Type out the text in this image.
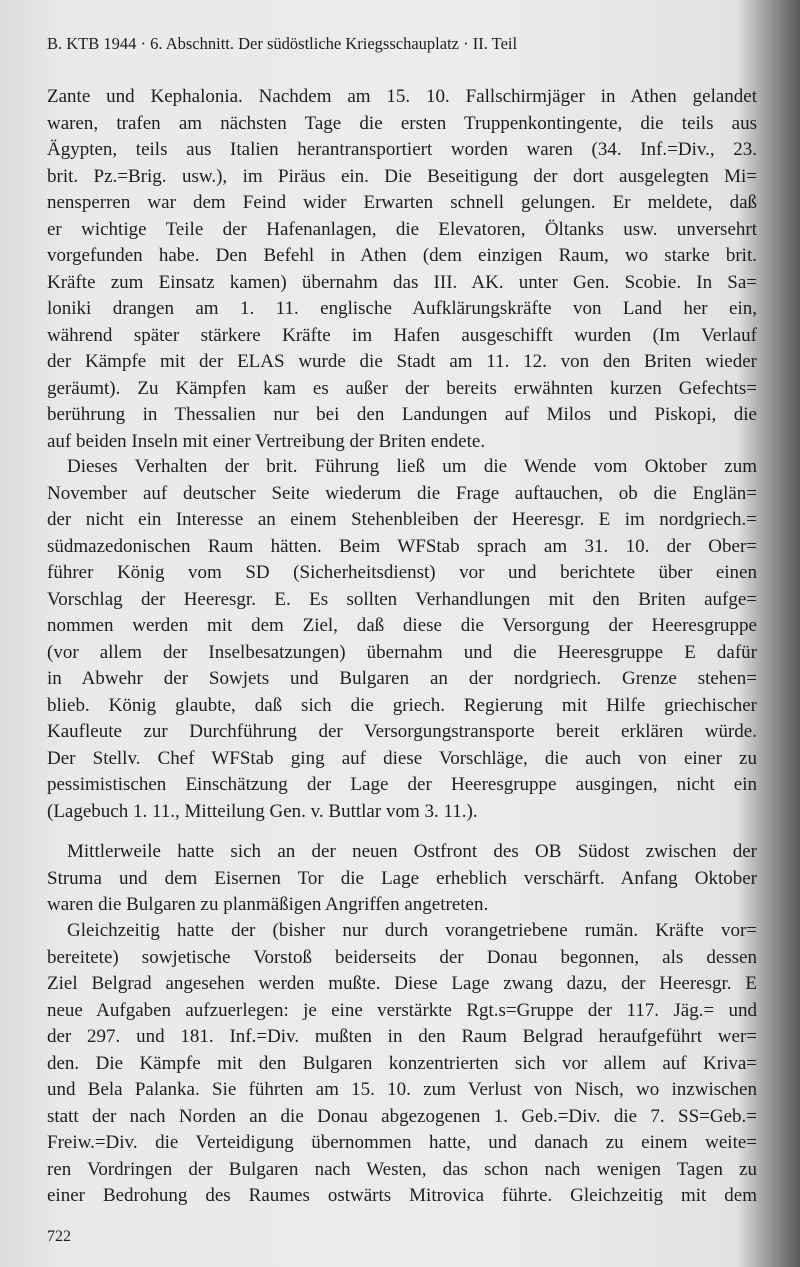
B. KTB 1944 · 6. Abschnitt. Der südöstliche Kriegsschauplatz · II. Teil
Zante und Kephalonia. Nachdem am 15. 10. Fallschirmjäger in Athen gelandet
waren, trafen am nächsten Tage die ersten Truppenkontingente, die teils aus
Ägypten, teils aus Italien herantransportiert worden waren (34. Inf.=Div., 23.
brit. Pz.=Brig. usw.), im Piräus ein. Die Beseitigung der dort ausgelegten Mi=
nensperren war dem Feind wider Erwarten schnell gelungen. Er meldete, daß
er wichtige Teile der Hafenanlagen, die Elevatoren, Öltanks usw. unversehrt
vorgefunden habe. Den Befehl in Athen (dem einzigen Raum, wo starke brit.
Kräfte zum Einsatz kamen) übernahm das III. AK. unter Gen. Scobie. In Sa=
loniki drangen am 1. 11. englische Aufklärungskräfte von Land her ein,
während später stärkere Kräfte im Hafen ausgeschifft wurden (Im Verlauf
der Kämpfe mit der ELAS wurde die Stadt am 11. 12. von den Briten wieder
geräumt). Zu Kämpfen kam es außer der bereits erwähnten kurzen Gefechts=
berührung in Thessalien nur bei den Landungen auf Milos und Piskopi, die
auf beiden Inseln mit einer Vertreibung der Briten endete.
Dieses Verhalten der brit. Führung ließ um die Wende vom Oktober zum
November auf deutscher Seite wiederum die Frage auftauchen, ob die Englän=
der nicht ein Interesse an einem Stehenbleiben der Heeresgr. E im nordgriech.=
südmazedonischen Raum hätten. Beim WFStab sprach am 31. 10. der Ober=
führer König vom SD (Sicherheitsdienst) vor und berichtete über einen
Vorschlag der Heeresgr. E. Es sollten Verhandlungen mit den Briten aufge=
nommen werden mit dem Ziel, daß diese die Versorgung der Heeresgruppe
(vor allem der Inselbesatzungen) übernahm und die Heeresgruppe E dafür
in Abwehr der Sowjets und Bulgaren an der nordgriech. Grenze stehen=
blieb. König glaubte, daß sich die griech. Regierung mit Hilfe griechischer
Kaufleute zur Durchführung der Versorgungstransporte bereit erklären würde.
Der Stellv. Chef WFStab ging auf diese Vorschläge, die auch von einer zu
pessimistischen Einschätzung der Lage der Heeresgruppe ausgingen, nicht ein
(Lagebuch 1. 11., Mitteilung Gen. v. Buttlar vom 3. 11.).
Mittlerweile hatte sich an der neuen Ostfront des OB Südost zwischen der
Struma und dem Eisernen Tor die Lage erheblich verschärft. Anfang Oktober
waren die Bulgaren zu planmäßigen Angriffen angetreten.
Gleichzeitig hatte der (bisher nur durch vorangetriebene rumän. Kräfte vor=
bereitete) sowjetische Vorstoß beiderseits der Donau begonnen, als dessen
Ziel Belgrad angesehen werden mußte. Diese Lage zwang dazu, der Heeresgr. E
neue Aufgaben aufzuerlegen: je eine verstärkte Rgt.s=Gruppe der 117. Jäg.= und
der 297. und 181. Inf.=Div. mußten in den Raum Belgrad heraufgeführt wer=
den. Die Kämpfe mit den Bulgaren konzentrierten sich vor allem auf Kriva=
und Bela Palanka. Sie führten am 15. 10. zum Verlust von Nisch, wo inzwischen
statt der nach Norden an die Donau abgezogenen 1. Geb.=Div. die 7. SS=Geb.=
Freiw.=Div. die Verteidigung übernommen hatte, und danach zu einem weite=
ren Vordringen der Bulgaren nach Westen, das schon nach wenigen Tagen zu
einer Bedrohung des Raumes ostwärts Mitrovica führte. Gleichzeitig mit dem
722
